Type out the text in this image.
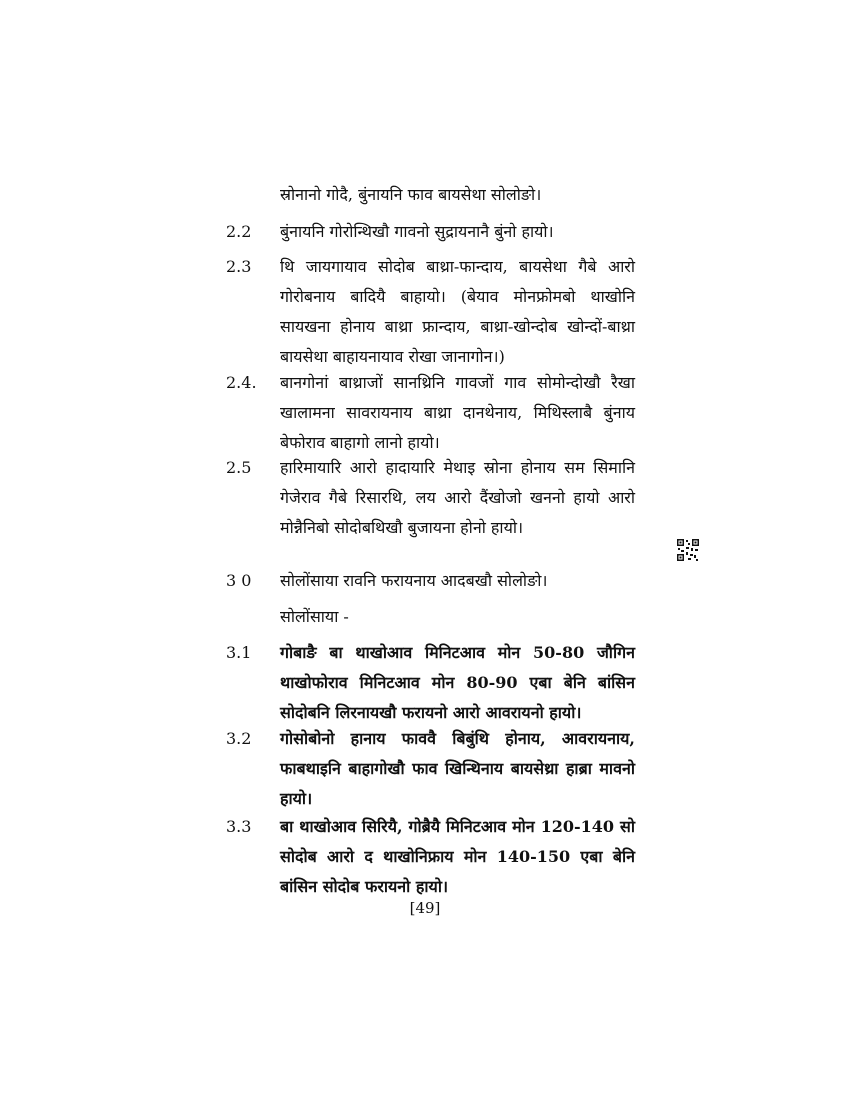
स्रोनानो गोदै, बुंनायनि फाव बायसेथा सोलोङो।
2.2	बुंनायनि गोरोन्थिखौ गावनो सुद्रायनानै बुंनो हायो।
2.3	थि जायगायाव सोदोब बाथ्रा-फान्दाय, बायसेथा गैबे आरो गोरोबनाय बादियै बाहायो। (बेयाव मोनफ्रोमबो थाखोनि सायखना होनाय बाथ्रा फ्रान्दाय, बाथ्रा-खोन्दोब खोन्दों-बाथ्रा बायसेथा बाहायनायाव रोखा जानागोन।)
2.4.	बानगोनां बाथ्राजों सानथ्रिनि गावजों गाव सोमोन्दोखौ रैखा खालामना सावरायनाय बाथ्रा दानथेनाय, मिथिस्लाबै बुंनाय बेफोराव बाहागो लानो हायो।
2.5	हारिमायारि आरो हादायारि मेथाइ स्रोना होनाय सम सिमानि गेजेराव गैबे रिसारथि, लय आरो दैंखोजो खननो हायो आरो मोन्नैनिबो सोदोबथिखौ बुजायना होनो हायो।
3 0	सोलोंसाया रावनि फरायनाय आदबखौ सोलोङो।
सोलोंसाया -
3.1	गोबाङै बा थाखोआव मिनिटआव मोन 50-80 जौगिन थाखोफोराव मिनिटआव मोन 80-90 एबा बेनि बांसिन सोदोबनि लिरनायखौ फरायनो आरो आवरायनो हायो।
3.2	गोसोबोनो हानाय फाववै बिबुंथि होनाय, आवरायनाय, फाबथाइनि बाहागोखौ फाव खिन्थिनाय बायसेथ्रा हाब्रा मावनो हायो।
3.3	बा थाखोआव सिरियै, गोब्रैयै मिनिटआव मोन 120-140 सो सोदोब आरो द थाखोनिफ्राय मोन 140-150 एबा बेनि बांसिन सोदोब फरायनो हायो।
[49]
